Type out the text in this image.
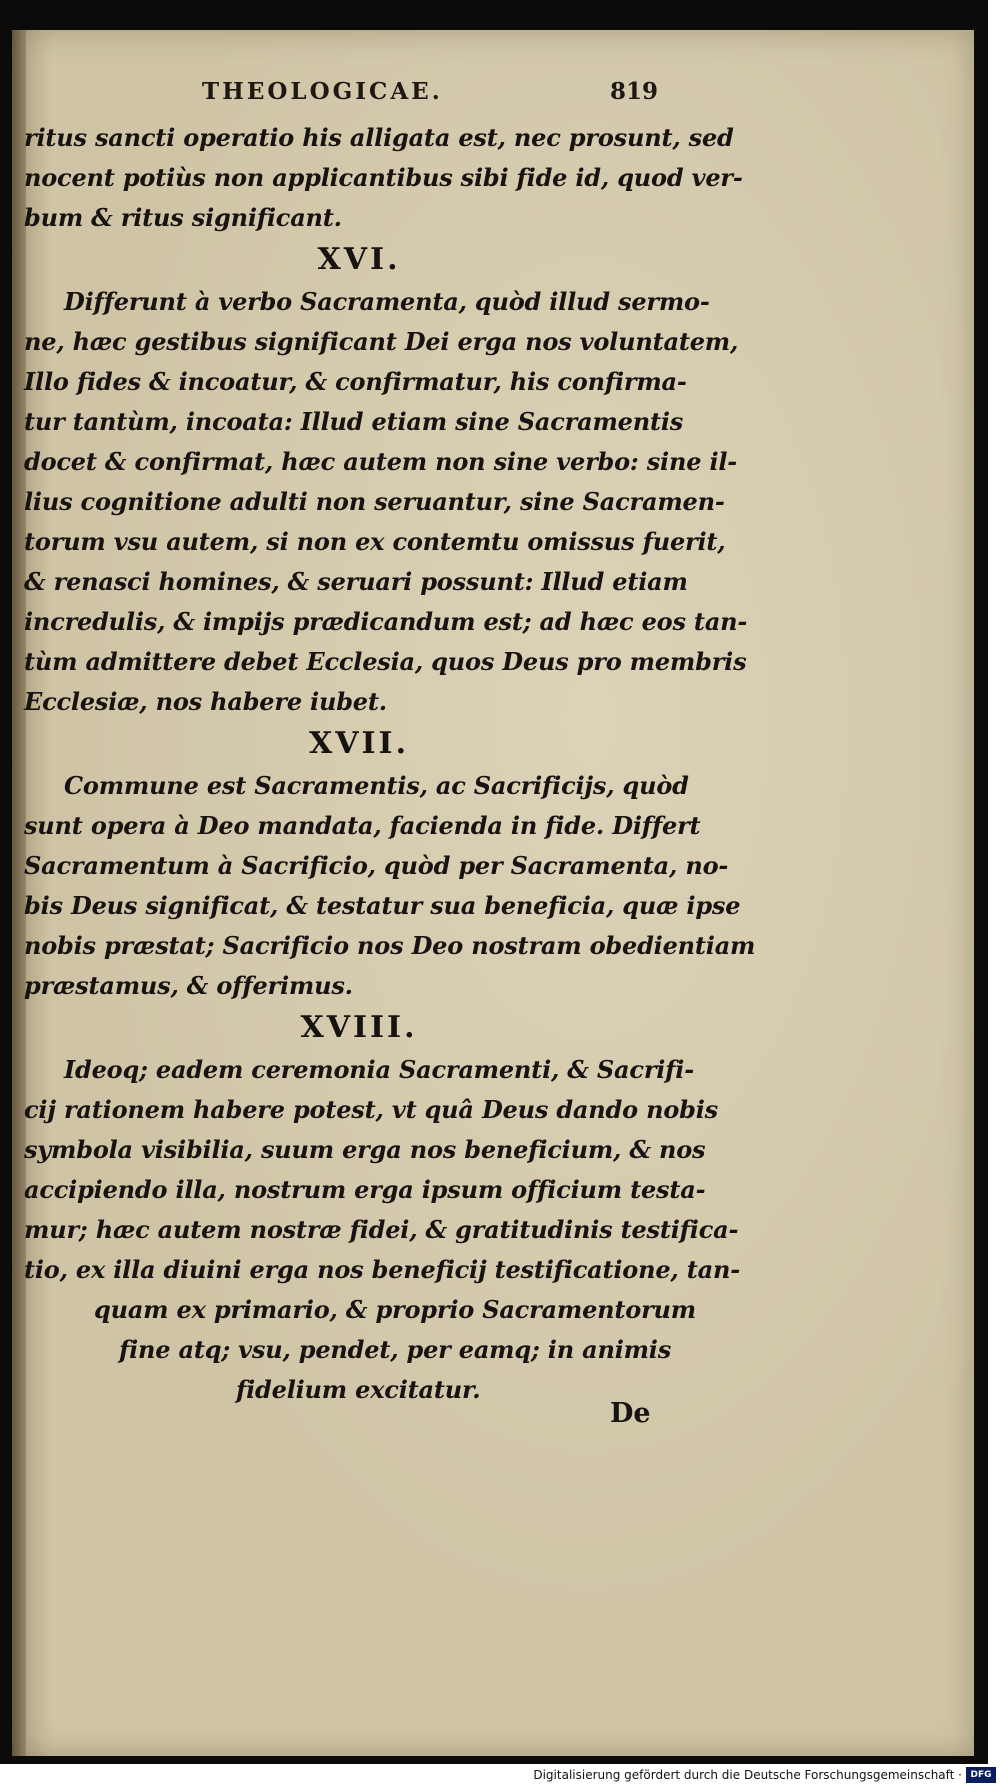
THEOLOGICAE.	819
ritus sancti operatio his alligata est, nec prosunt, sed
nocent potiùs non applicantibus sibi fide id, quod ver-
bum & ritus significant.
XVI.
Differunt à verbo Sacramenta, quòd illud sermo-
ne, hæc gestibus significant Dei erga nos voluntatem,
Illo fides & incoatur, & confirmatur, his confirma-
tur tantùm, incoata: Illud etiam sine Sacramentis
docet & confirmat, hæc autem non sine verbo: sine il-
lius cognitione adulti non seruantur, sine Sacramen-
torum vsu autem, si non ex contemtu omissus fuerit,
& renasci homines, & seruari possunt: Illud etiam
incredulis, & impijs prædicandum est; ad hæc eos tan-
tùm admittere debet Ecclesia, quos Deus pro membris
Ecclesiæ, nos habere iubet.
XVII.
Commune est Sacramentis, ac Sacrificijs, quòd
sunt opera à Deo mandata, facienda in fide. Differt
Sacramentum à Sacrificio, quòd per Sacramenta, no-
bis Deus significat, & testatur sua beneficia, quæ ipse
nobis præstat; Sacrificio nos Deo nostram obedientiam
præstamus, & offerimus.
XVIII.
Ideoq; eadem ceremonia Sacramenti, & Sacrifi-
cij rationem habere potest, vt quâ Deus dando nobis
symbola visibilia, suum erga nos beneficium, & nos
accipiendo illa, nostrum erga ipsum officium testa-
mur; hæc autem nostræ fidei, & gratitudinis testifica-
tio, ex illa diuini erga nos beneficij testificatione, tan-
quam ex primario, & proprio Sacramentorum
fine atq; vsu, pendet, per eamq; in animis
fidelium excitatur.
De
Digitalisierung gefördert durch die Deutsche Forschungsgemeinschaft · DFG
